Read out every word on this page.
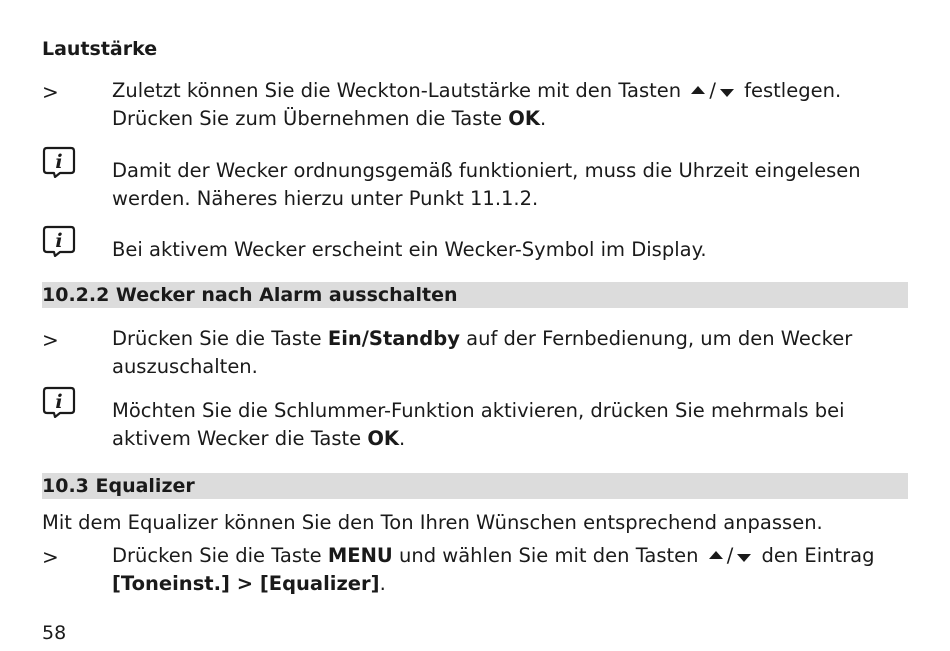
Lautstärke
>	Zuletzt können Sie die Weckton-Lautstärke mit den Tasten / festlegen.
Drücken Sie zum Übernehmen die Taste OK.
Damit der Wecker ordnungsgemäß funktioniert, muss die Uhrzeit eingelesen
werden. Näheres hierzu unter Punkt 11.1.2.
Bei aktivem Wecker erscheint ein Wecker-Symbol im Display.
10.2.2 Wecker nach Alarm ausschalten
>	Drücken Sie die Taste Ein/Standby auf der Fernbedienung, um den Wecker
auszuschalten.
Möchten Sie die Schlummer-Funktion aktivieren, drücken Sie mehrmals bei
aktivem Wecker die Taste OK.
10.3 Equalizer
Mit dem Equalizer können Sie den Ton Ihren Wünschen entsprechend anpassen.
>	Drücken Sie die Taste MENU und wählen Sie mit den Tasten / den Eintrag
[Toneinst.] > [Equalizer].
58
